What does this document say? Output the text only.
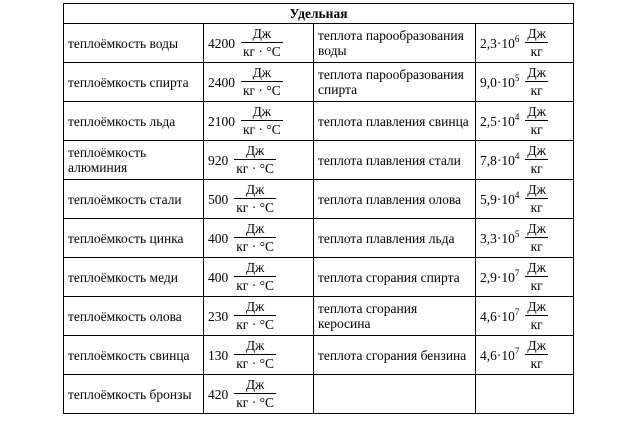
Удельная			
теплоёмкость воды	$4200 \frac{Дж}{кг \cdot ^\circ С}$	теплота парообразования воды	$2,3\cdot 10^6 \frac{Дж}{кг}$

теплоёмкость спирта	$2400 \frac{Дж}{кг \cdot ^\circ С}$	теплота парообразования спирта	$9,0\cdot 10^5 \frac{Дж}{кг}$

теплоёмкость льда	$2100 \frac{Дж}{кг \cdot ^\circ С}$	теплота плавления свинца	$2,5\cdot 10^4 \frac{Дж}{кг}$

теплоёмкость алюминия	$920 \frac{Дж}{кг \cdot ^\circ С}$	теплота плавления стали	$7,8\cdot 10^4 \frac{Дж}{кг}$

теплоёмкость стали	$500 \frac{Дж}{кг \cdot ^\circ С}$	теплота плавления олова	$5,9\cdot 10^4 \frac{Дж}{кг}$

теплоёмкость цинка	$400 \frac{Дж}{кг \cdot ^\circ С}$	теплота плавления льда	$3,3\cdot 10^5 \frac{Дж}{кг}$

теплоёмкость меди	$400 \frac{Дж}{кг \cdot ^\circ С}$	теплота сгорания спирта	$2,9\cdot 10^7 \frac{Дж}{кг}$

теплоёмкость олова	$230 \frac{Дж}{кг \cdot ^\circ С}$	теплота сгорания керосина	$4,6\cdot 10^7 \frac{Дж}{кг}$

теплоёмкость свинца	$130 \frac{Дж}{кг \cdot ^\circ С}$	теплота сгорания бензина	$4,6\cdot 10^7 \frac{Дж}{кг}$

теплоёмкость бронзы	$420 \frac{Дж}{кг \cdot ^\circ С}$
